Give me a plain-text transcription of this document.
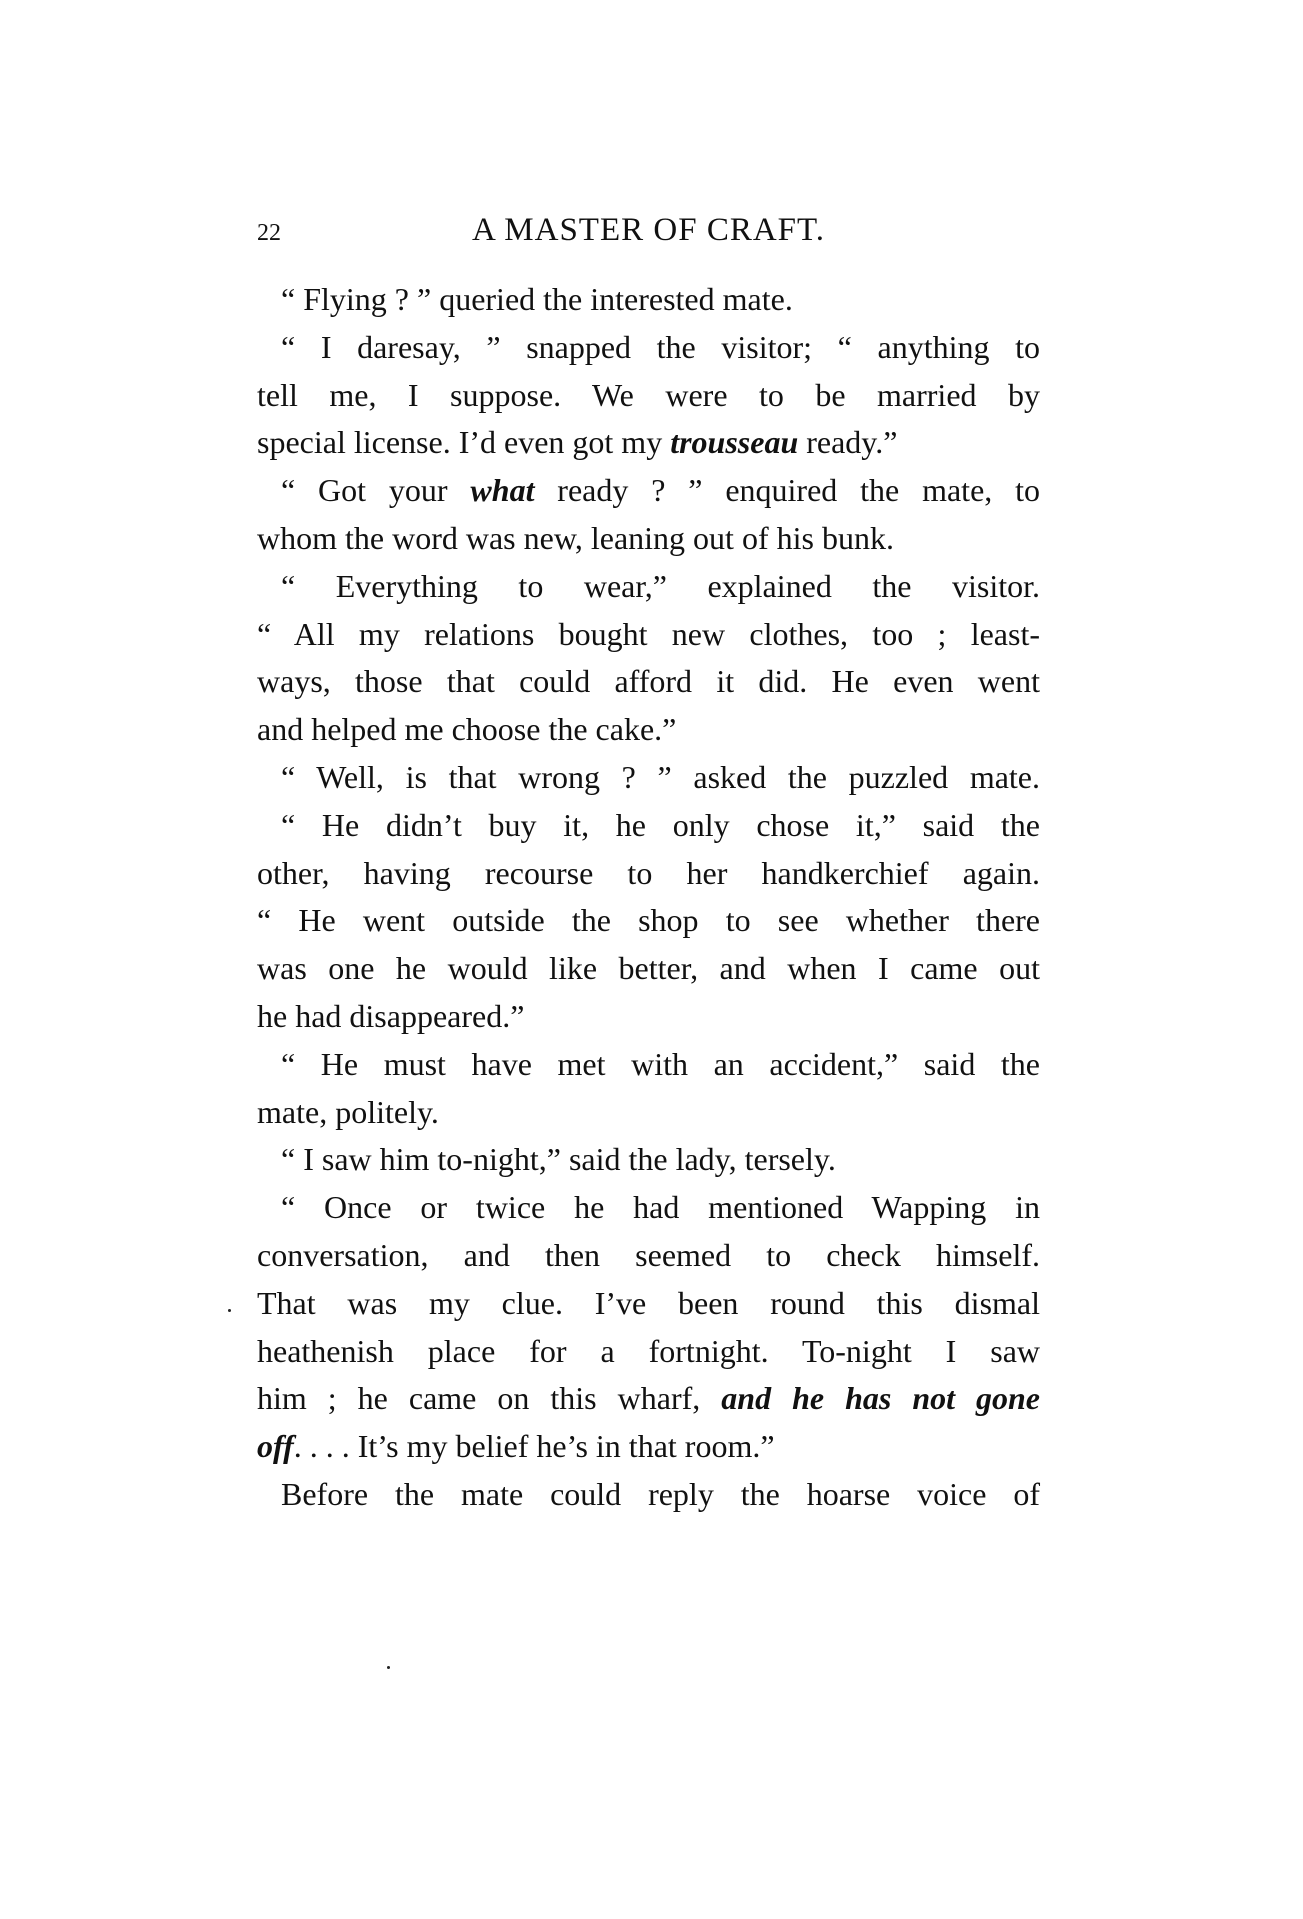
22	A MASTER OF CRAFT.
“ Flying ? ” queried the interested mate.
“ I daresay, ” snapped the visitor; “ anything to
tell me, I suppose. We were to be married by
special license. I’d even got my trousseau ready.”
“ Got your what ready ? ” enquired the mate, to
whom the word was new, leaning out of his bunk.
“ Everything to wear,” explained the visitor.
“ All my relations bought new clothes, too ; least-
ways, those that could afford it did. He even went
and helped me choose the cake.”
“ Well, is that wrong ? ” asked the puzzled mate.
“ He didn’t buy it, he only chose it,” said the
other, having recourse to her handkerchief again.
“ He went outside the shop to see whether there
was one he would like better, and when I came out
he had disappeared.”
“ He must have met with an accident,” said the
mate, politely.
“ I saw him to-night,” said the lady, tersely.
“ Once or twice he had mentioned Wapping in
conversation, and then seemed to check himself.
That was my clue. I’ve been round this dismal
heathenish place for a fortnight. To-night I saw
him ; he came on this wharf, and he has not gone
off. . . . It’s my belief he’s in that room.”
Before the mate could reply the hoarse voice of
